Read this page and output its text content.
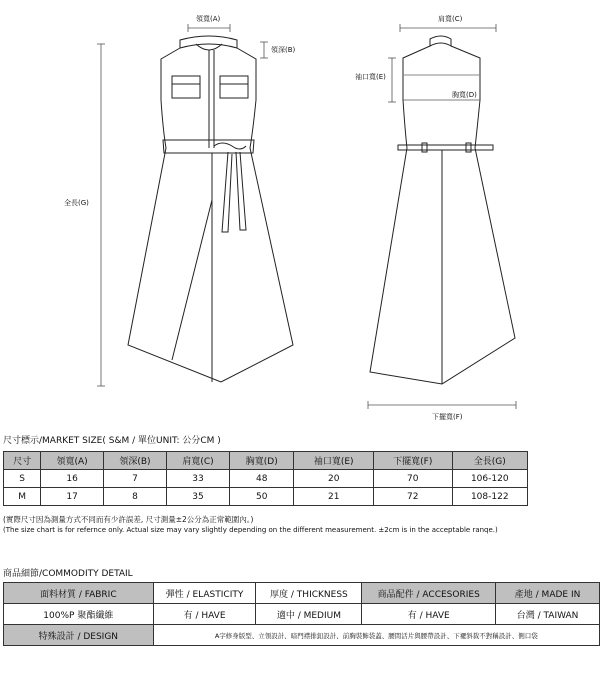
領寬(A)
領深(B)
全長(G)
肩寬(C)
袖口寬(E)
胸寬(D)
下擺寬(F)
尺寸標示/MARKET SIZE( S&M / 單位UNIT: 公分CM )
尺寸	領寬(A)	領深(B)	肩寬(C)	胸寬(D)	袖口寬(E)	下擺寬(F)	全長(G)
S	16	7	33	48	20	70	106-120
M	17	8	35	50	21	72	108-122
(實際尺寸因為測量方式不同而有少許誤差, 尺寸測量±2公分為正常範圍內。)
(The size chart is for refernce only. Actual size may vary slightly depending on the different measurement. ±2cm is in the acceptable ranqe.)
商品細節/COMMODITY DETAIL
面料材質 / FABRIC	彈性 / ELASTICITY	厚度 / THICKNESS	商品配件 / ACCESORIES	產地 / MADE IN
100%P 聚酯纖維	有 / HAVE	適中 / MEDIUM	有 / HAVE	台灣 / TAIWAN
特殊設計 / DESIGN	A字修身版型、立領設計、暗門襟排釦設計、前胸裝飾袋蓋、腰間活片與腰帶設計、下襬斜裁不對稱設計、側口袋			
